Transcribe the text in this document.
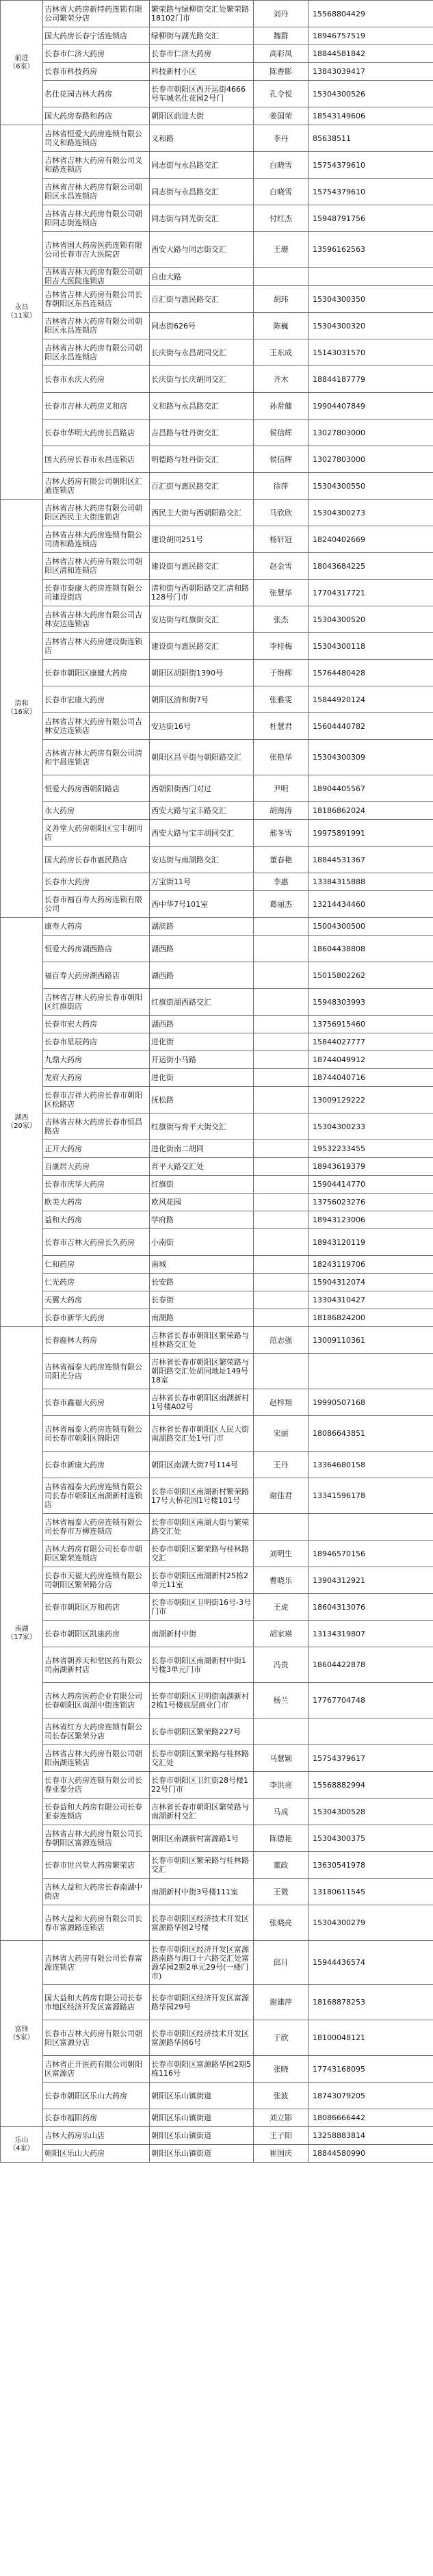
前进
（6家）	吉林省大药房新特药连锁有限公司繁荣分店	繁荣路与绿柳街交汇处繁荣路18102门市	刘丹	15568804429
	国大药房长春宁活连锁店	绿柳街与湖光路交汇	魏群	18946757519
	长春市仁济大药房	长春市仁济大药房	高彩凤	18844581842
	长春市科技药房	科技新村小区	陈香影	13843039417
	名仕花园吉林大药房	长春市朝阳区西开运街4666号车城名仕花园2号门	孔令悦	15304300526
	国大药房春路和药店	朝阳区前进大街	姜国荣	18543149606
永昌
（11家）	吉林省恒爱大药房连锁有限公司义和路连锁店	义和路	李丹	85638511
	吉林省吉林大药房有限公司义和路连锁店	同志街与永昌路交汇	白晓雪	15754379610
	吉林省吉林大药房有限公司朝阳区永昌连锁店	同志街与永昌路交汇	白晓雪	15754379610
	吉林省吉林大药房有限公司朝阳同志街连锁店	同志街与同光街交汇	付红杰	15948791756
	吉林省国大药房医药连锁有限公司长春市吉大医院店	西安大路与同志街交汇	王珊	13596162563
	吉林省吉林大药房有限公司朝阳吉大医院连锁店	自由大路		
	吉林省吉林大药房有限公司长春朝阳区东昌连锁店	百汇街与惠民路交汇	胡玮	15304300350
	吉林省吉林大药房有限公司朝阳区永昌连锁店	同志街626号	陈巍	15304300320
	吉林省吉林大药房有限公司朝阳区永昌连锁店	长庆街与永昌胡同交汇	王东成	15143031570
	长春市永庆大药房	长庆街与长庆胡同交汇	齐木	18844187779
	长春市吉林大药房义和店	义和路与永昌路交汇	孙常健	19904407849
	长春市华明大药房长昌路店	吉昌路与牡丹街交汇	侯信辉	13027803000
	国大药房长春市永昌连锁店	明德路与牡丹街交汇	侯信辉	13027803000
	吉林大药房有限公司朝阳区汇通连锁店	百汇街与惠民路交汇	徐萍	15304300550
清和
（16家）	吉林省吉林大药房有限公司朝阳区西民主大街连锁店	西民主大街与西朝阳路交汇	马欣欣	15304300273
	吉林省吉林大药房连锁有限公司清和路连锁店	建设胡同251号	杨轩冠	18240402669
	吉林省吉林大药房有限公司朝阳区清和连锁店	建设街与惠民路交汇	赵金雪	18043684225
	长春市泰康大药房连锁有限公司建设街店	清和街与西朝阳路交汇清和路128号门市	张慧华	17704317721
	吉林省吉林大药房有限公司吉林安达连锁店	安达街与红旗街交汇	张杰	15304300520
	吉林省吉林大药房建设街连锁店	建设街与惠民路交汇	李桂梅	15304300118
	长春市朝阳区康健大药房	朝阳区胡阳街1390号	于维辉	15764480428
	长春市宏康大药房	朝阳区清和街7号	张雅雯	15844920124
	吉林省吉林大药房有限公司吉林安达连锁店	安达街16号	杜慧君	15604440782
	吉林省吉林大药房有限公司清和宇晨连锁店	朝阳区昌平街与朝阳路交汇	张艳华	15304300309
	恒爱大药房西朝阳路店	西朝阳街西门对过	尹明	18904405567
	永大药房	西安大路与宝丰路交汇	胡海涛	18186862024
	义善堂大药房朝阳区宝丰胡同店	西安大路与宝丰胡同交汇	邢冬雪	19975891991
	国大药房长春市惠民路店	安达街与南湖路交汇	董春艳	18844531367
	长春市大药房	万宝街11号	李惠	13384315888
	长春市福百寿大药房连锁有限公司	西中华7号101室	葛丽杰	13214434460
湖西
（20家）	康寿大药房	湖滨路		15004300500
	恒爱大药房湖西路店	湖西路		18604438808
	福百寿大药房湖西路店	湖西路		15015802262
	吉林省吉林大药房长春市朝阳区红旗街店	红旗街湖西路交汇		15948303993
	长春市宏大药房	湖西路		13756915460
	长春市星辰药店	进化街		15844027777
	九鼎大药房	开运街小马路		18744049912
	龙府大药房	进化街		18744040716
	长春市吉祥大药房长春市朝阳区松路店	抚松路		13009129222
	吉林省吉林大药房长春市恒昌路店	红旗街与育平大街交汇		15304300233
	正开大药房	进化街南二胡同		19532233455
	百康居大药房	育平大路交汇处		18943619379
	长春市庆华大药房	红旗街		15904414770
	欧美大药房	欧风花园		13756023276
	益和大药房	学府路		18943123006
	长春市吉林大药房长久药房	小南街		18943120119
	仁和药房	南城		18243119706
	仁光药房	长安路		15904312074
	天翼大药房	长春街		13304310427
	长春市新华大药房	南湖路		18186824200
南湖
（17家）	长春鹿林大药房	吉林省长春市朝阳区繁荣路与桂林路交汇处	范志强	13009110361
	吉林省福泰大药房连锁有限公司阳光分店	吉林省长春市朝阳区繁荣路与朝阳路交汇处胡同地址149号18室		
	长春市鑫福大药房	吉林省长春市朝阳区南湖新村1号楼A02号	赵梓翔	19990507168
	吉林省福泰大药房连锁有限公司长春市朝阳区锦阳店	吉林省长春市朝阳区人民大街南湖路交汇处1号门市	宋丽	18086643851
	长春市新康大药房	朝阳区南湖大街7号114号	王丹	13364680158
	吉林省福泰大药房连锁有限公司长春市朝阳区南湖新村连锁店	长春市朝阳区南湖新村繁荣路17号大桥花园1号楼101号	谢佳君	13341596178
	吉林省福泰大药房连锁有限公司长春市万柳连锁店	长春市朝阳区南湖大街与繁荣路交汇处		
	吉林大药房有限公司长春市朝阳区繁荣连锁店	长春市朝阳区繁荣路与桂林路交汇	刘明生	18946570156
	长春市天福大药房连锁有限公司朝阳区繁荣路分店	长春市朝阳区南湖新村25栋2单元11室	曹晓乐	13904312921
	长春市朝阳区万和药店	长春市朝阳区卫明街16号-3号门市	王虎	18604313076
	长春市朝阳区凯康药房	南湖新村中街	胡家瑛	13134319807
	吉林省朝养天和堂医药有限公司南湖新村店	长春市朝阳区南湖新村中街1号楼3单元门市	冯贵	18604422878
	吉林大药房医药企业有限公司长春朝阳区南湖中街连锁店	长春市朝阳区卫明街南湖新村2栋1号楼底层商业门市	杨兰	17767704748
	吉林省红方大药房连锁有限公司长春区繁荣分店	长春市朝阳区繁荣路227号		
	吉林省吉林大药房有限公司朝阳南湖连锁店	长春市朝阳区繁荣路与桂林路交汇处	马慧颖	15754379617
	长春市大药房连锁有限公司长春亚泰分店	长春市朝阳区卫红街28号楼122号门市	李洪亮	15568882994
	长春益和大药房有限公司长春亚泰连锁店	吉林省长春市朝阳区繁荣路与南湖新村交汇	马成	15304300528
	吉林省吉林大药房有限公司长春朝阳区富源连锁店	朝阳区南湖新村富源路1号	陈德艳	15304300375
	长春市世兴堂大药房繁荣店	长春市朝阳区繁荣路与桂林路交汇	董政	13630541978
	吉林大益和大药房长春南湖中街店	南湖新村中街3号楼111室	王微	13180611545
	吉林大益和大药房有限公司长春市富源路连锁店	长春市朝阳区经济技术开发区富源路华园2号楼	张晓亮	15304300279
富锋
（5家）	吉林省大药房有限公司长春富源连锁店	长春市朝阳区经济开发区富源路南路与海口十六路交汇处富源华园2期2单元29号(一楼门市)	邱月	15944436574
	国大益和大药房有限公司长春市地区经济开发区富源路店	长春市朝阳区经济开发区富源路华园29号	谢建萍	18168878253
	长春市吉林大药房有限公司朝阳区富源分店	长春市朝阳区经济技术开发区富源路华园6号	于欣	18100048121
	吉林省正开医药有限公司朝阳区富源店	长春市朝阳区富源路华园2期5栋116号	张晓	17743168095
	长春市朝阳区乐山大药房	朝阳区乐山镇街道	张波	18743079205
	长春市福阳药房	朝阳区乐山镇街道	刘立影	18086666442
乐山
（4家）	吉林大药房乐山店	朝阳区乐山镇街道	王子阳	13258883814
	朝阳区乐山大药房	朝阳区乐山镇街道	崔国庆	18844580990
